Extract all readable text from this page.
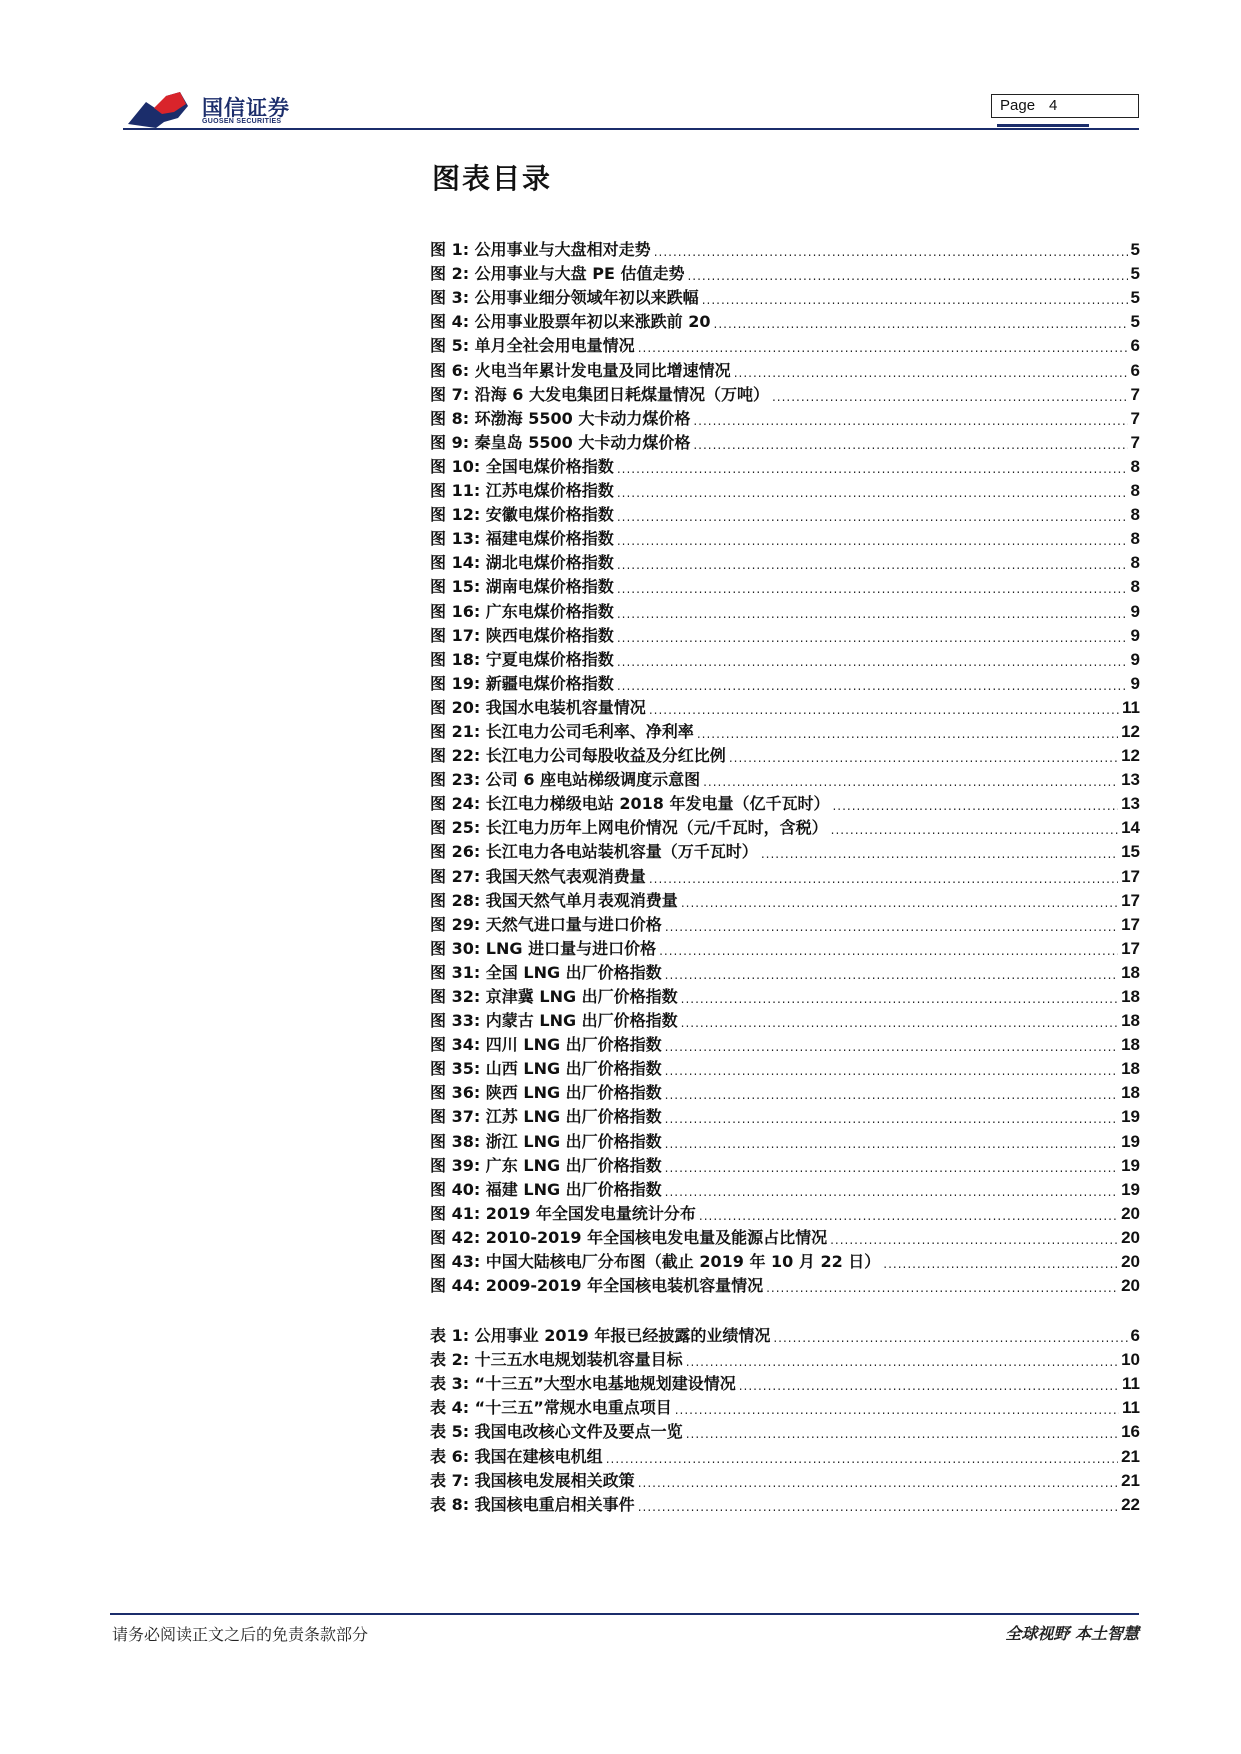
国信证券
GUOSEN SECURITIES
Page 4
图表目录
图 1: 公用事业与大盘相对走势 .....	5
图 2: 公用事业与大盘 PE 估值走势 .....	5
图 3: 公用事业细分领域年初以来跌幅 .....	5
图 4: 公用事业股票年初以来涨跌前 20 .....	5
图 5: 单月全社会用电量情况 .....	6
图 6: 火电当年累计发电量及同比增速情况 .....	6
图 7: 沿海 6 大发电集团日耗煤量情况（万吨） .....	7
图 8: 环渤海 5500 大卡动力煤价格 .....	7
图 9: 秦皇岛 5500 大卡动力煤价格 .....	7
图 10: 全国电煤价格指数 .....	8
图 11: 江苏电煤价格指数 .....	8
图 12: 安徽电煤价格指数 .....	8
图 13: 福建电煤价格指数 .....	8
图 14: 湖北电煤价格指数 .....	8
图 15: 湖南电煤价格指数 .....	8
图 16: 广东电煤价格指数 .....	9
图 17: 陕西电煤价格指数 .....	9
图 18: 宁夏电煤价格指数 .....	9
图 19: 新疆电煤价格指数 .....	9
图 20: 我国水电装机容量情况 .....	11
图 21: 长江电力公司毛利率、净利率 .....	12
图 22: 长江电力公司每股收益及分红比例 .....	12
图 23: 公司 6 座电站梯级调度示意图 .....	13
图 24: 长江电力梯级电站 2018 年发电量（亿千瓦时） .....	13
图 25: 长江电力历年上网电价情况（元/千瓦时，含税） .....	14
图 26: 长江电力各电站装机容量（万千瓦时） .....	15
图 27: 我国天然气表观消费量 .....	17
图 28: 我国天然气单月表观消费量 .....	17
图 29: 天然气进口量与进口价格 .....	17
图 30: LNG 进口量与进口价格 .....	17
图 31: 全国 LNG 出厂价格指数 .....	18
图 32: 京津冀 LNG 出厂价格指数 .....	18
图 33: 内蒙古 LNG 出厂价格指数 .....	18
图 34: 四川 LNG 出厂价格指数 .....	18
图 35: 山西 LNG 出厂价格指数 .....	18
图 36: 陕西 LNG 出厂价格指数 .....	18
图 37: 江苏 LNG 出厂价格指数 .....	19
图 38: 浙江 LNG 出厂价格指数 .....	19
图 39: 广东 LNG 出厂价格指数 .....	19
图 40: 福建 LNG 出厂价格指数 .....	19
图 41: 2019 年全国发电量统计分布 .....	20
图 42: 2010-2019 年全国核电发电量及能源占比情况 .....	20
图 43: 中国大陆核电厂分布图（截止 2019 年 10 月 22 日） .....	20
图 44: 2009-2019 年全国核电装机容量情况 .....	20
表 1: 公用事业 2019 年报已经披露的业绩情况 .....	6
表 2: 十三五水电规划装机容量目标 .....	10
表 3: “十三五”大型水电基地规划建设情况 .....	11
表 4: “十三五”常规水电重点项目 .....	11
表 5: 我国电改核心文件及要点一览 .....	16
表 6: 我国在建核电机组 .....	21
表 7: 我国核电发展相关政策 .....	21
表 8: 我国核电重启相关事件 .....	22
请务必阅读正文之后的免责条款部分	全球视野 本土智慧
